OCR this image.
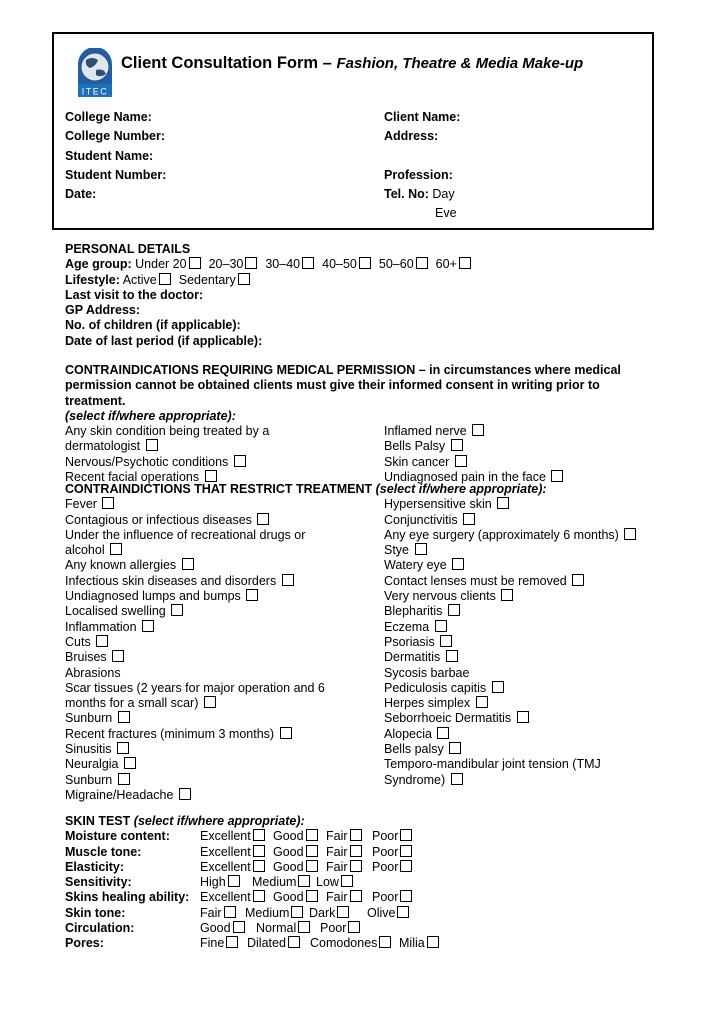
ITEC
Client Consultation Form – Fashion, Theatre & Media Make-up
College Name:
College Number:
Student Name:
Student Number:
Date:
Client Name:
Address:

Profession:
Tel. No: Day
Eve
PERSONAL DETAILS
Age group: Under 20 20–30 30–40 40–50 50–60 60+
Lifestyle: Active Sedentary
Last visit to the doctor:
GP Address:
No. of children (if applicable):
Date of last period (if applicable):
CONTRAINDICATIONS REQUIRING MEDICAL PERMISSION – in circumstances where medical permission cannot be obtained clients must give their informed consent in writing prior to treatment.
(select if/where appropriate):
Any skin condition being treated by a dermatologist
Nervous/Psychotic conditions
Recent facial operations
Inflamed nerve
Bells Palsy
Skin cancer
Undiagnosed pain in the face
CONTRAINDICTIONS THAT RESTRICT TREATMENT (select if/where appropriate):
Fever
Contagious or infectious diseases
Under the influence of recreational drugs or alcohol
Any known allergies
Infectious skin diseases and disorders
Undiagnosed lumps and bumps
Localised swelling
Inflammation
Cuts
Bruises
Abrasions
Scar tissues (2 years for major operation and 6 months for a small scar)
Sunburn
Recent fractures (minimum 3 months)
Sinusitis
Neuralgia
Sunburn
Migraine/Headache
Hypersensitive skin
Conjunctivitis
Any eye surgery (approximately 6 months)
Stye
Watery eye
Contact lenses must be removed
Very nervous clients
Blepharitis
Eczema
Psoriasis
Dermatitis
Sycosis barbae
Pediculosis capitis
Herpes simplex
Seborrhoeic Dermatitis
Alopecia
Bells palsy
Temporo-mandibular joint tension (TMJ Syndrome)
SKIN TEST (select if/where appropriate):
Moisture content: Excellent	Good	Fair	Poor
Muscle tone:	Excellent	Good	Fair	Poor
Elasticity:	Excellent	Good	Fair	Poor
Sensitivity:	High	Medium	Low
Skins healing ability: Excellent	Good	Fair	Poor
Skin tone:	Fair	Medium	Dark	Olive
Circulation:	Good	Normal	Poor
Pores:	Fine	Dilated	Comodones	Milia
